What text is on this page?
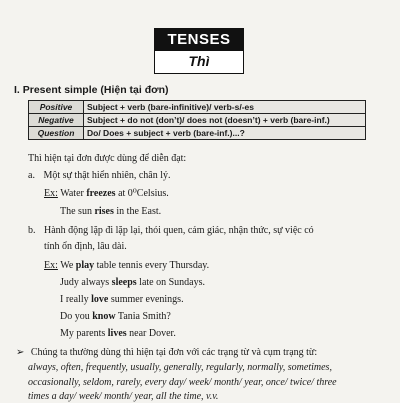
TENSES
Thì
I. Present simple (Hiện tại đơn)
Positive	Subject + verb (bare-infinitive)/ verb-s/-es
Negative	Subject + do not (don’t)/ does not (doesn’t) + verb (bare-inf.)
Question	Do/ Does + subject + verb (bare-inf.)...?
Thì hiện tại đơn được dùng để diễn đạt:
a. Một sự thật hiển nhiên, chân lý.
Ex: Water freezes at 0⁰Celsius.
The sun rises in the East.
b. Hành động lặp đi lặp lại, thói quen, cảm giác, nhận thức, sự việc có
tính ổn định, lâu dài.
Ex: We play table tennis every Thursday.
Judy always sleeps late on Sundays.
I really love summer evenings.
Do you know Tania Smith?
My parents lives near Dover.
➢ Chúng ta thường dùng thì hiện tại đơn với các trạng từ và cụm trạng từ:
always, often, frequently, usually, generally, regularly, normally, sometimes,
occasionally, seldom, rarely, every day/ week/ month/ year, once/ twice/ three
times a day/ week/ month/ year, all the time, v.v.
